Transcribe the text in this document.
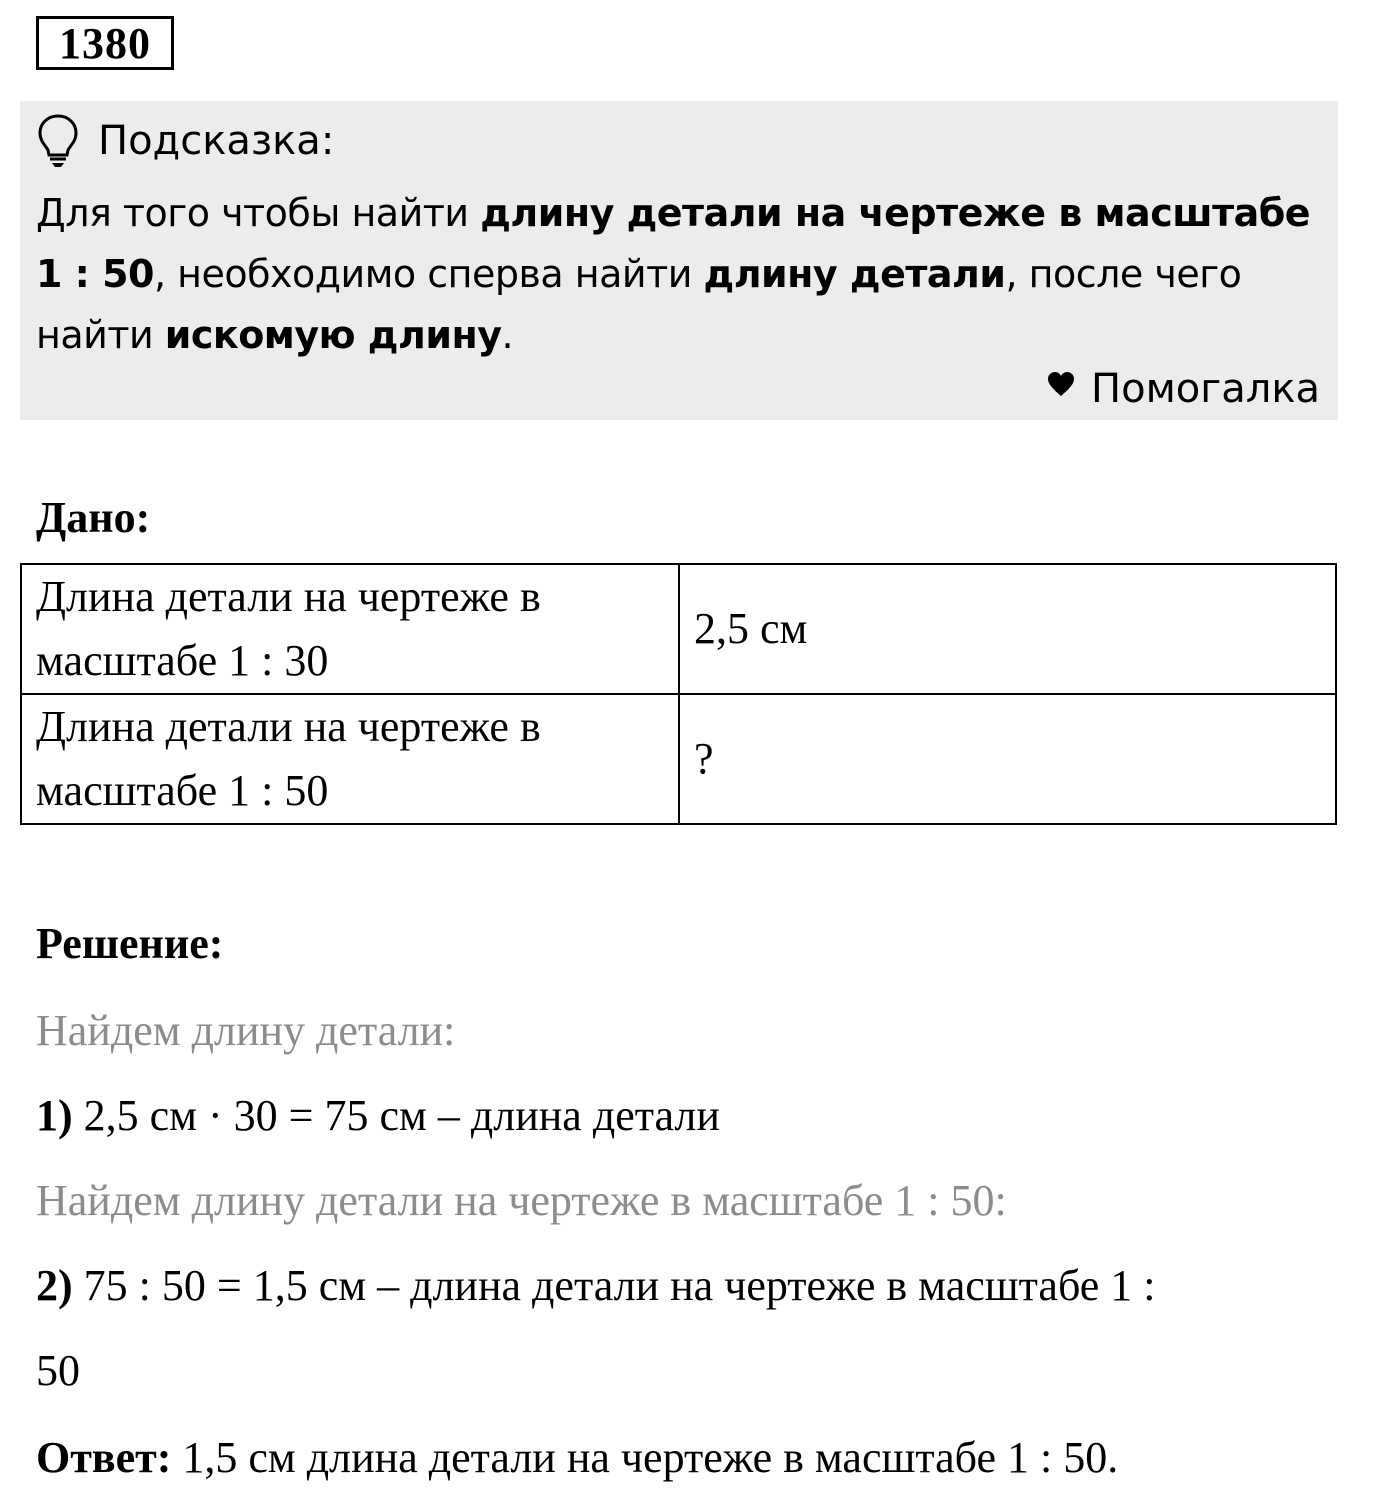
1380
Подсказка:
Для того чтобы найти длину детали на чертеже в масштабе 1 : 50, необходимо сперва найти длину детали, после чего найти искомую длину.
Помогалка
Дано:
Длина детали на чертеже в масштабе 1 : 30	2,5 см
Длина детали на чертеже в масштабе 1 : 50	?
Решение:
Найдем длину детали:
1) 2,5 см · 30 = 75 см – длина детали
Найдем длину детали на чертеже в масштабе 1 : 50:
2) 75 : 50 = 1,5 см – длина детали на чертеже в масштабе 1 :
50
Ответ: 1,5 см длина детали на чертеже в масштабе 1 : 50.
